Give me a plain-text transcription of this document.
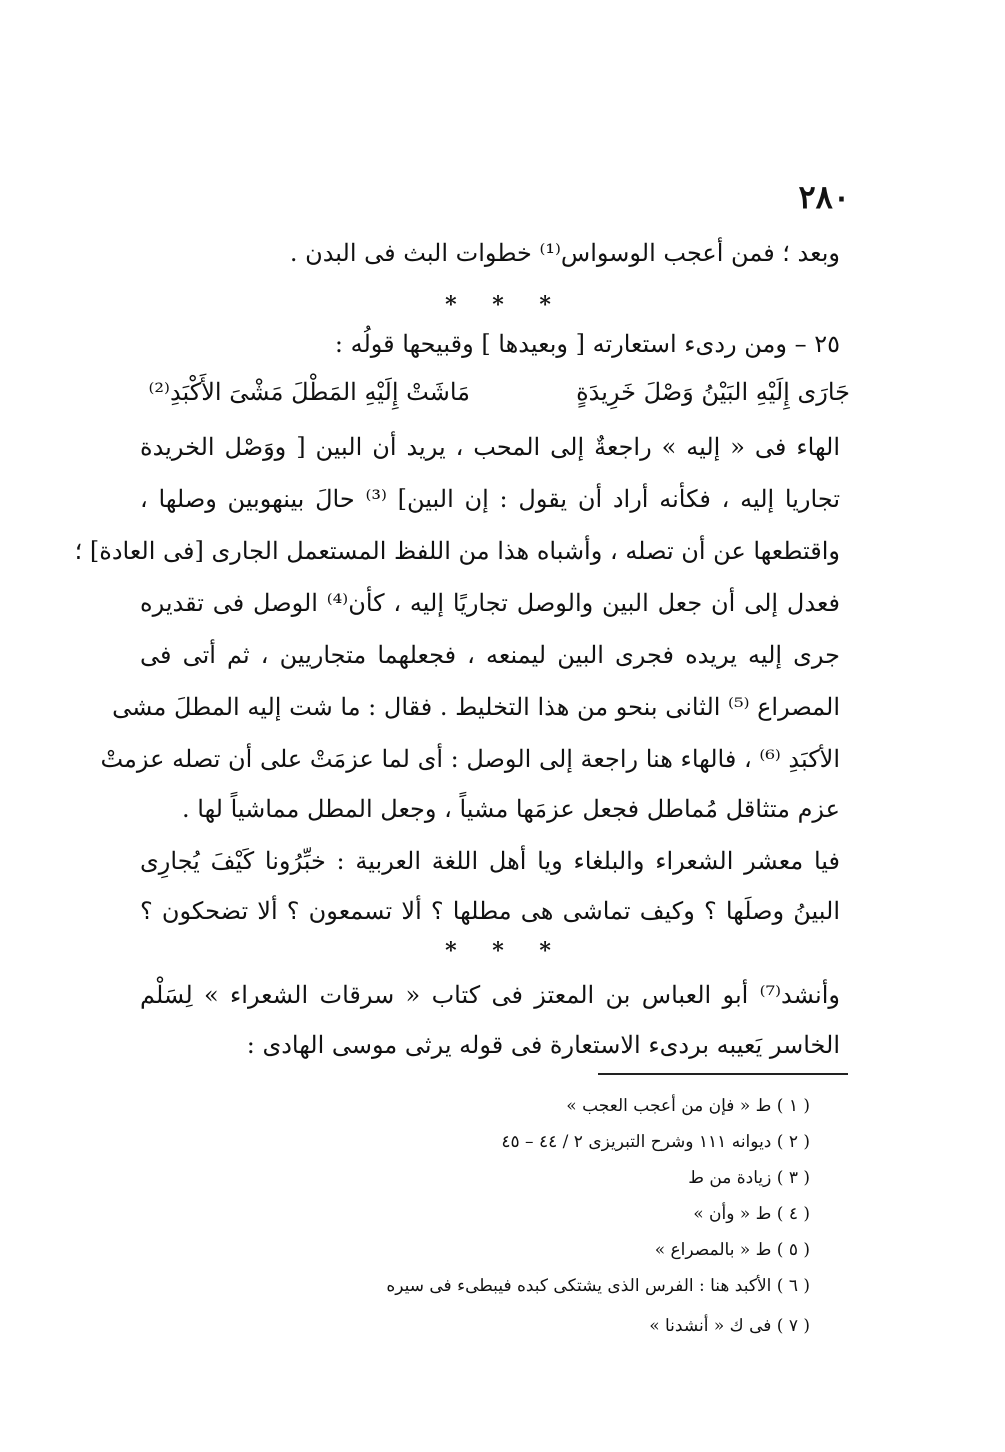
٢٨٠
وبعد ؛ فمن أعجب الوسواس⁽¹⁾ خطوات البث فى البدن .
* * *
٢٥ – ومن ردىء استعارته [ وبعيدها ] وقبيحها قولُه :
جَارَى إِلَيْهِ البَيْنُ وَصْلَ خَرِيدَةٍ
مَاشَتْ إِلَيْهِ المَطْلَ مَشْىَ الأَكْبَدِ⁽²⁾
الهاء فى « إليه » راجعةٌ إلى المحب ، يريد أن البين [ ووَصْل الخريدة
تجاريا إليه ، فكأنه أراد أن يقول : إن البين] ⁽³⁾ حالَ بينهوبين وصلها ،
واقتطعها عن أن تصله ، وأشباه هذا من اللفظ المستعمل الجارى [فى العادة] ؛
فعدل إلى أن جعل البين والوصل تجاريًا إليه ، كأن⁽⁴⁾ الوصل فى تقديره
جرى إليه يريده فجرى البين ليمنعه ، فجعلهما متجاريين ، ثم أتى فى
المصراع ⁽⁵⁾ الثانى بنحو من هذا التخليط . فقال : ما شت إليه المطلَ مشى
الأكبَدِ ⁽⁶⁾ ، فالهاء هنا راجعة إلى الوصل : أى لما عزمَتْ على أن تصله عزمتْ
عزم متثاقل مُماطل فجعل عزمَها مشياً ، وجعل المطل مماشياً لها .
فيا معشر الشعراء والبلغاء ويا أهل اللغة العربية : خبِّرُونا كَيْفَ يُجارِى
البينُ وصلَها ؟ وكيف تماشى هى مطلها ؟ ألا تسمعون ؟ ألا تضحكون ؟
* * *
وأنشد⁽⁷⁾ أبو العباس بن المعتز فى كتاب « سرقات الشعراء » لِسَلْم
الخاسر يَعيبه بردىء الاستعارة فى قوله يرثى موسى الهادى :
( ١ ) ط « فإن من أعجب العجب »
( ٢ ) ديوانه ١١١ وشرح التبريزى ٢ / ٤٤ – ٤٥
( ٣ ) زيادة من ط
( ٤ ) ط « وأن »
( ٥ ) ط « بالمصراع »
( ٦ ) الأكبد هنا : الفرس الذى يشتكى كبده فيبطىء فى سيره
( ٧ ) فى ك « أنشدنا »
